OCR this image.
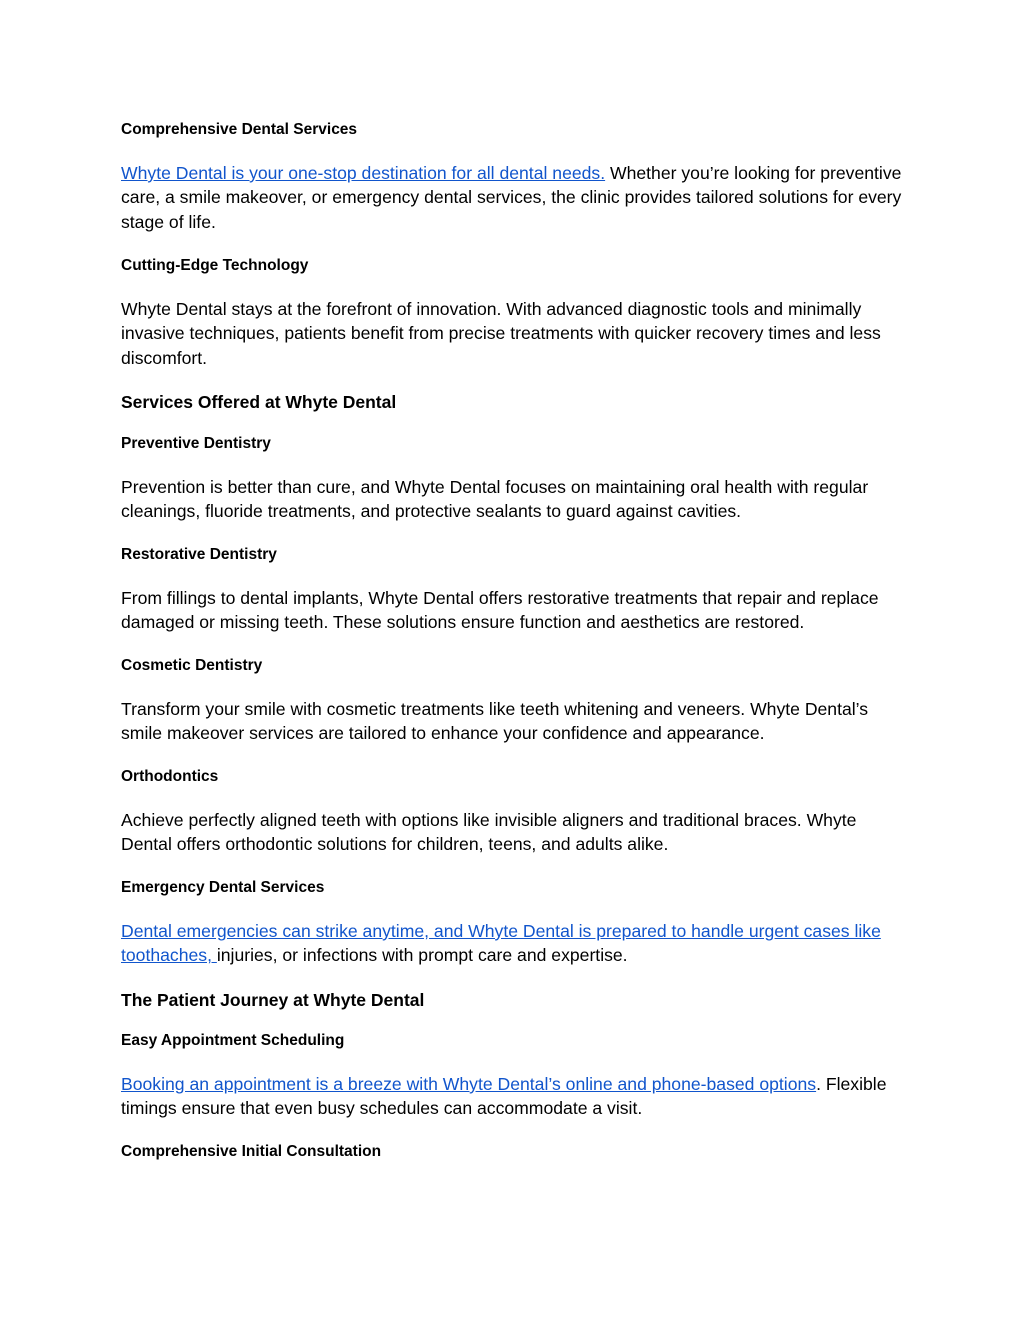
Comprehensive Dental Services

Whyte Dental is your one-stop destination for all dental needs. Whether you’re looking for preventive care, a smile makeover, or emergency dental services, the clinic provides tailored solutions for every stage of life.

Cutting-Edge Technology

Whyte Dental stays at the forefront of innovation. With advanced diagnostic tools and minimally invasive techniques, patients benefit from precise treatments with quicker recovery times and less discomfort.

Services Offered at Whyte Dental
Preventive Dentistry

Prevention is better than cure, and Whyte Dental focuses on maintaining oral health with regular cleanings, fluoride treatments, and protective sealants to guard against cavities.

Restorative Dentistry

From fillings to dental implants, Whyte Dental offers restorative treatments that repair and replace damaged or missing teeth. These solutions ensure function and aesthetics are restored.

Cosmetic Dentistry

Transform your smile with cosmetic treatments like teeth whitening and veneers. Whyte Dental’s smile makeover services are tailored to enhance your confidence and appearance.

Orthodontics

Achieve perfectly aligned teeth with options like invisible aligners and traditional braces. Whyte Dental offers orthodontic solutions for children, teens, and adults alike.

Emergency Dental Services

Dental emergencies can strike anytime, and Whyte Dental is prepared to handle urgent cases like toothaches, injuries, or infections with prompt care and expertise.

The Patient Journey at Whyte Dental
Easy Appointment Scheduling

Booking an appointment is a breeze with Whyte Dental’s online and phone-based options. Flexible timings ensure that even busy schedules can accommodate a visit.

Comprehensive Initial Consultation
